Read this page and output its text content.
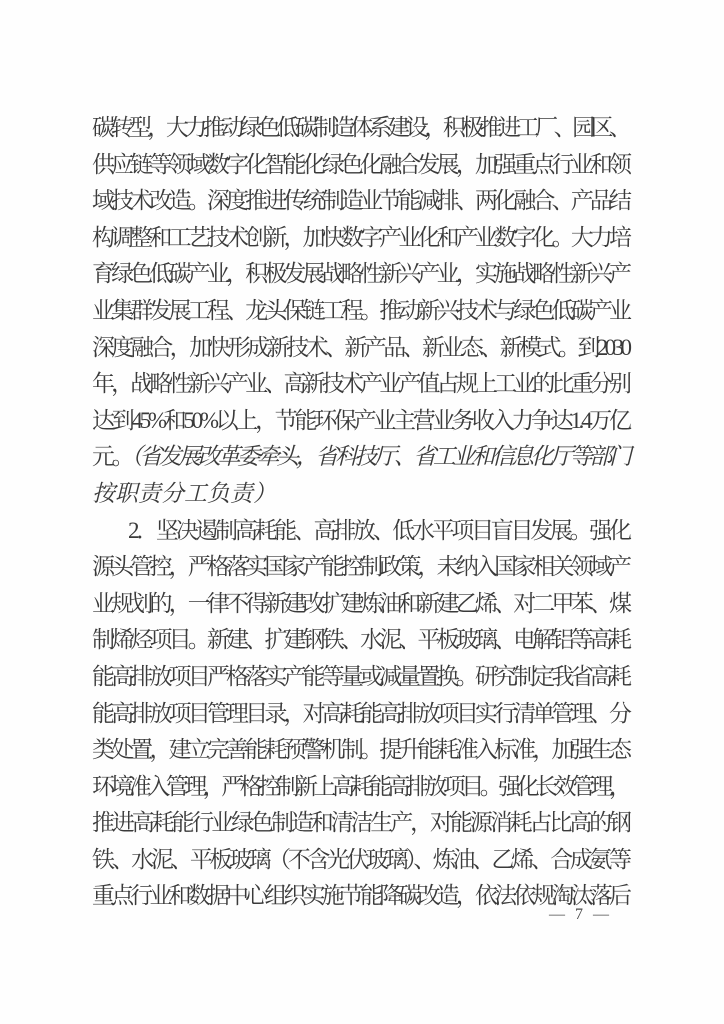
碳转型，大力推动绿色低碳制造体系建设，积极推进工厂、园区、
供应链等领域数字化智能化绿色化融合发展，加强重点行业和领
域技术改造。深度推进传统制造业节能减排、两化融合、产品结
构调整和工艺技术创新，加快数字产业化和产业数字化。大力培
育绿色低碳产业，积极发展战略性新兴产业，实施战略性新兴产
业集群发展工程、龙头保链工程。推动新兴技术与绿色低碳产业
深度融合，加快形成新技术、新产品、新业态、新模式。到2030
年，战略性新兴产业、高新技术产业产值占规上工业的比重分别
达到45%和50%以上，节能环保产业主营业务收入力争达1.4万亿
元。（省发展改革委牵头，省科技厅、省工业和信息化厅等部门
按职责分工负责）
2．坚决遏制高耗能、高排放、低水平项目盲目发展。强化
源头管控，严格落实国家产能控制政策，未纳入国家相关领域产
业规划的，一律不得新建改扩建炼油和新建乙烯、对二甲苯、煤
制烯烃项目。新建、扩建钢铁、水泥、平板玻璃、电解铝等高耗
能高排放项目严格落实产能等量或减量置换。研究制定我省高耗
能高排放项目管理目录，对高耗能高排放项目实行清单管理、分
类处置，建立完善能耗预警机制。提升能耗准入标准，加强生态
环境准入管理，严格控制新上高耗能高排放项目。强化长效管理，
推进高耗能行业绿色制造和清洁生产，对能源消耗占比高的钢
铁、水泥、平板玻璃（不含光伏玻璃）、炼油、乙烯、合成氨等
重点行业和数据中心组织实施节能降碳改造，依法依规淘汰落后
— 7 —
